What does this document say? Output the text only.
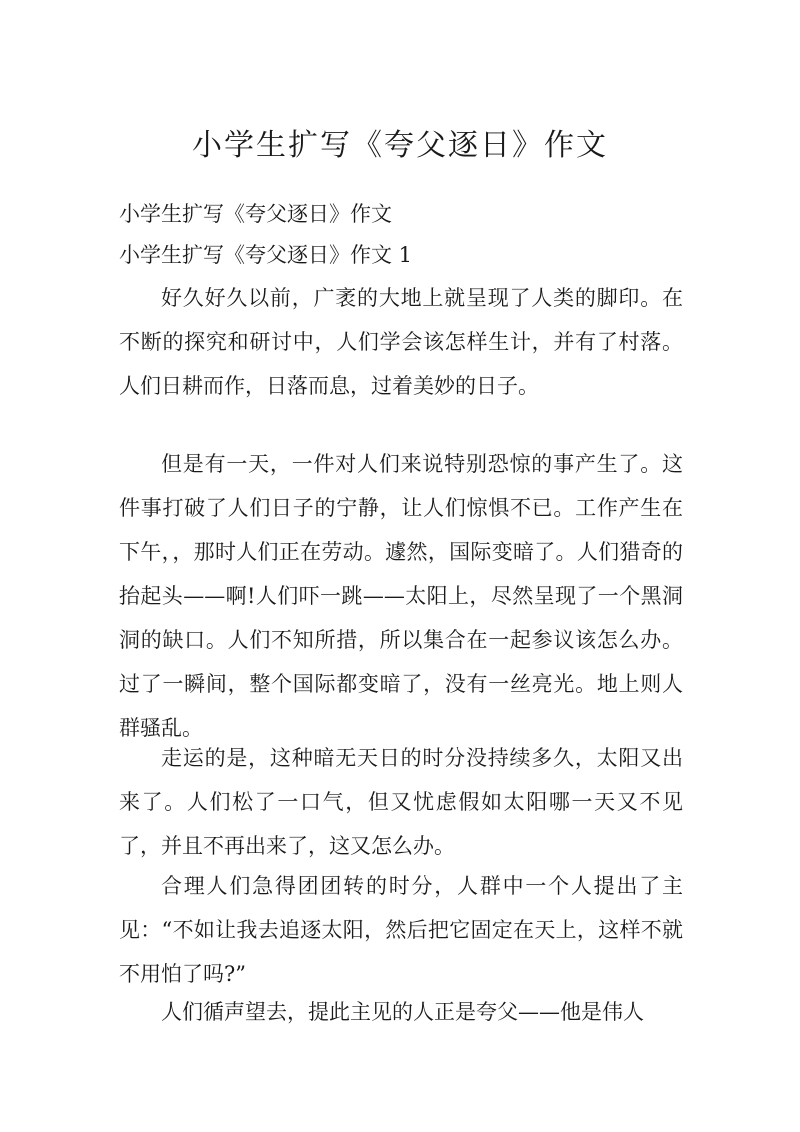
小学生扩写《夸父逐日》作文
小学生扩写《夸父逐日》作文
小学生扩写《夸父逐日》作文 1
好久好久以前，广袤的大地上就呈现了人类的脚印。在不断的探究和研讨中，人们学会该怎样生计，并有了村落。人们日耕而作，日落而息，过着美妙的日子。
但是有一天，一件对人们来说特别恐惊的事产生了。这件事打破了人们日子的宁静，让人们惊惧不已。工作产生在下午，，那时人们正在劳动。遽然，国际变暗了。人们猎奇的抬起头——啊!人们吓一跳——太阳上，尽然呈现了一个黑洞洞的缺口。人们不知所措，所以集合在一起参议该怎么办。过了一瞬间，整个国际都变暗了，没有一丝亮光。地上则人群骚乱。
走运的是，这种暗无天日的时分没持续多久，太阳又出来了。人们松了一口气，但又忧虑假如太阳哪一天又不见了，并且不再出来了，这又怎么办。
合理人们急得团团转的时分，人群中一个人提出了主见：“不如让我去追逐太阳，然后把它固定在天上，这样不就不用怕了吗?”
人们循声望去，提此主见的人正是夸父——他是伟人
